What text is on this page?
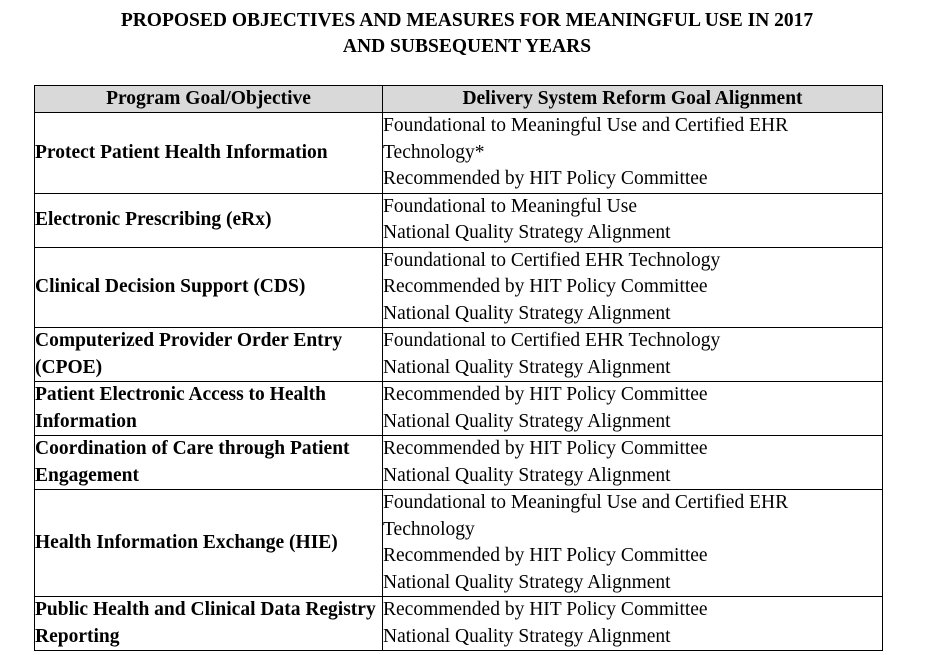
PROPOSED OBJECTIVES AND MEASURES FOR MEANINGFUL USE IN 2017
AND SUBSEQUENT YEARS
Program Goal/Objective	Delivery System Reform Goal Alignment
Protect Patient Health Information	Foundational to Meaningful Use and Certified EHR Technology*
Recommended by HIT Policy Committee

Electronic Prescribing (eRx)	Foundational to Meaningful Use
National Quality Strategy Alignment

Clinical Decision Support (CDS)	Foundational to Certified EHR Technology
Recommended by HIT Policy Committee
National Quality Strategy Alignment

Computerized Provider Order Entry (CPOE)	Foundational to Certified EHR Technology
National Quality Strategy Alignment

Patient Electronic Access to Health Information	Recommended by HIT Policy Committee
National Quality Strategy Alignment

Coordination of Care through Patient Engagement	Recommended by HIT Policy Committee
National Quality Strategy Alignment

Health Information Exchange (HIE)	Foundational to Meaningful Use and Certified EHR Technology
Recommended by HIT Policy Committee
National Quality Strategy Alignment

Public Health and Clinical Data Registry Reporting	Recommended by HIT Policy Committee
National Quality Strategy Alignment
